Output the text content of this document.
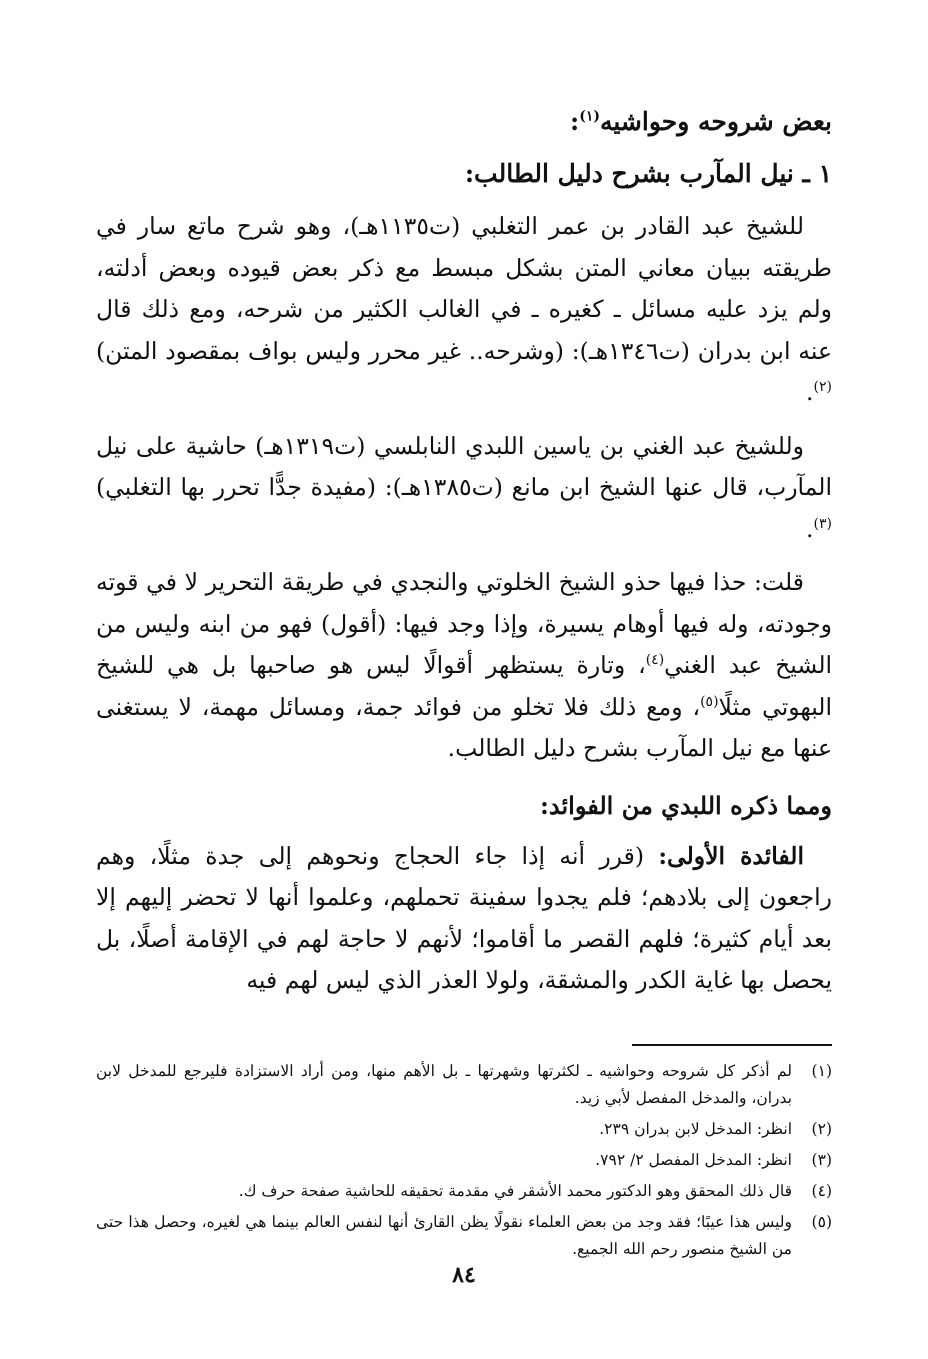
بعض شروحه وحواشيه$^{(١)}$:
١ ـ نيل المآرب بشرح دليل الطالب:

للشيخ عبد القادر بن عمر التغلبي (ت١١٣٥هـ)، وهو شرح ماتع سار في طريقته ببيان معاني المتن بشكل مبسط مع ذكر بعض قيوده وبعض أدلته، ولم يزد عليه مسائل ـ كغيره ـ في الغالب الكثير من شرحه، ومع ذلك قال عنه ابن بدران (ت١٣٤٦هـ): (وشرحه.. غير محرر وليس بواف بمقصود المتن)$^{(٢)}$.

وللشيخ عبد الغني بن ياسين اللبدي النابلسي (ت١٣١٩هـ) حاشية على نيل المآرب، قال عنها الشيخ ابن مانع (ت١٣٨٥هـ): (مفيدة جدًّا تحرر بها التغلبي)$^{(٣)}$.

قلت: حذا فيها حذو الشيخ الخلوتي والنجدي في طريقة التحرير لا في قوته وجودته، وله فيها أوهام يسيرة، وإذا وجد فيها: (أقول) فهو من ابنه وليس من الشيخ عبد الغني$^{(٤)}$، وتارة يستظهر أقوالًا ليس هو صاحبها بل هي للشيخ البهوتي مثلًا$^{(٥)}$، ومع ذلك فلا تخلو من فوائد جمة، ومسائل مهمة، لا يستغنى عنها مع نيل المآرب بشرح دليل الطالب.

ومما ذكره اللبدي من الفوائد:

الفائدة الأولى: (قرر أنه إذا جاء الحجاج ونحوهم إلى جدة مثلًا، وهم راجعون إلى بلادهم؛ فلم يجدوا سفينة تحملهم، وعلموا أنها لا تحضر إليهم إلا بعد أيام كثيرة؛ فلهم القصر ما أقاموا؛ لأنهم لا حاجة لهم في الإقامة أصلًا، بل يحصل بها غاية الكدر والمشقة، ولولا العذر الذي ليس لهم فيه

(١)
لم أذكر كل شروحه وحواشيه ـ لكثرتها وشهرتها ـ بل الأهم منها، ومن أراد الاستزادة فليرجع للمدخل لابن بدران، والمدخل المفصل لأبي زيد.
(٢)
انظر: المدخل لابن بدران ٢٣٩.
(٣)
انظر: المدخل المفصل ٢/ ٧٩٢.
(٤)
قال ذلك المحقق وهو الدكتور محمد الأشقر في مقدمة تحقيقه للحاشية صفحة حرف ك.
(٥)
وليس هذا عيبًا؛ فقد وجد من بعض العلماء نقولًا يظن القارئ أنها لنفس العالم بينما هي لغيره، وحصل هذا حتى من الشيخ منصور رحم الله الجميع.
٨٤
